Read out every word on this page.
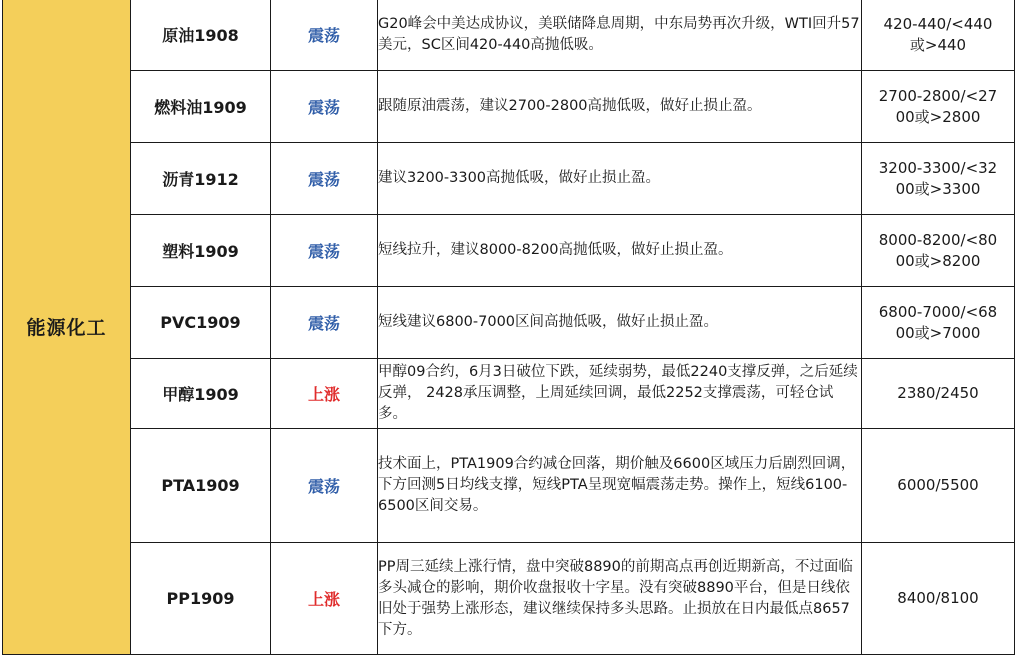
能源化工	原油1908	震荡	G20峰会中美达成协议，美联储降息周期，中东局势再次升级，WTI回升57美元，SC区间420-440高抛低吸。	420-440/<440或>440

	燃料油1909	震荡	跟随原油震荡，建议2700-2800高抛低吸，做好止损止盈。	2700-2800/<2700或>2800

	沥青1912	震荡	建议3200-3300高抛低吸，做好止损止盈。	3200-3300/<3200或>3300

	塑料1909	震荡	短线拉升，建议8000-8200高抛低吸，做好止损止盈。	8000-8200/<8000或>8200

	PVC1909	震荡	短线建议6800-7000区间高抛低吸，做好止损止盈。	6800-7000/<6800或>7000

	甲醇1909	上涨	甲醇09合约，6月3日破位下跌，延续弱势，最低2240支撑反弹，之后延续反弹， 2428承压调整，上周延续回调，最低2252支撑震荡，可轻仓试多。	2380/2450

	PTA1909	震荡	技术面上，PTA1909合约减仓回落，期价触及6600区域压力后剧烈回调，下方回测5日均线支撑，短线PTA呈现宽幅震荡走势。操作上，短线6100-6500区间交易。	6000/5500

	PP1909	上涨	PP周三延续上涨行情，盘中突破8890的前期高点再创近期新高，不过面临多头减仓的影响，期价收盘报收十字星。没有突破8890平台，但是日线依旧处于强势上涨形态，建议继续保持多头思路。止损放在日内最低点8657下方。	8400/8100
